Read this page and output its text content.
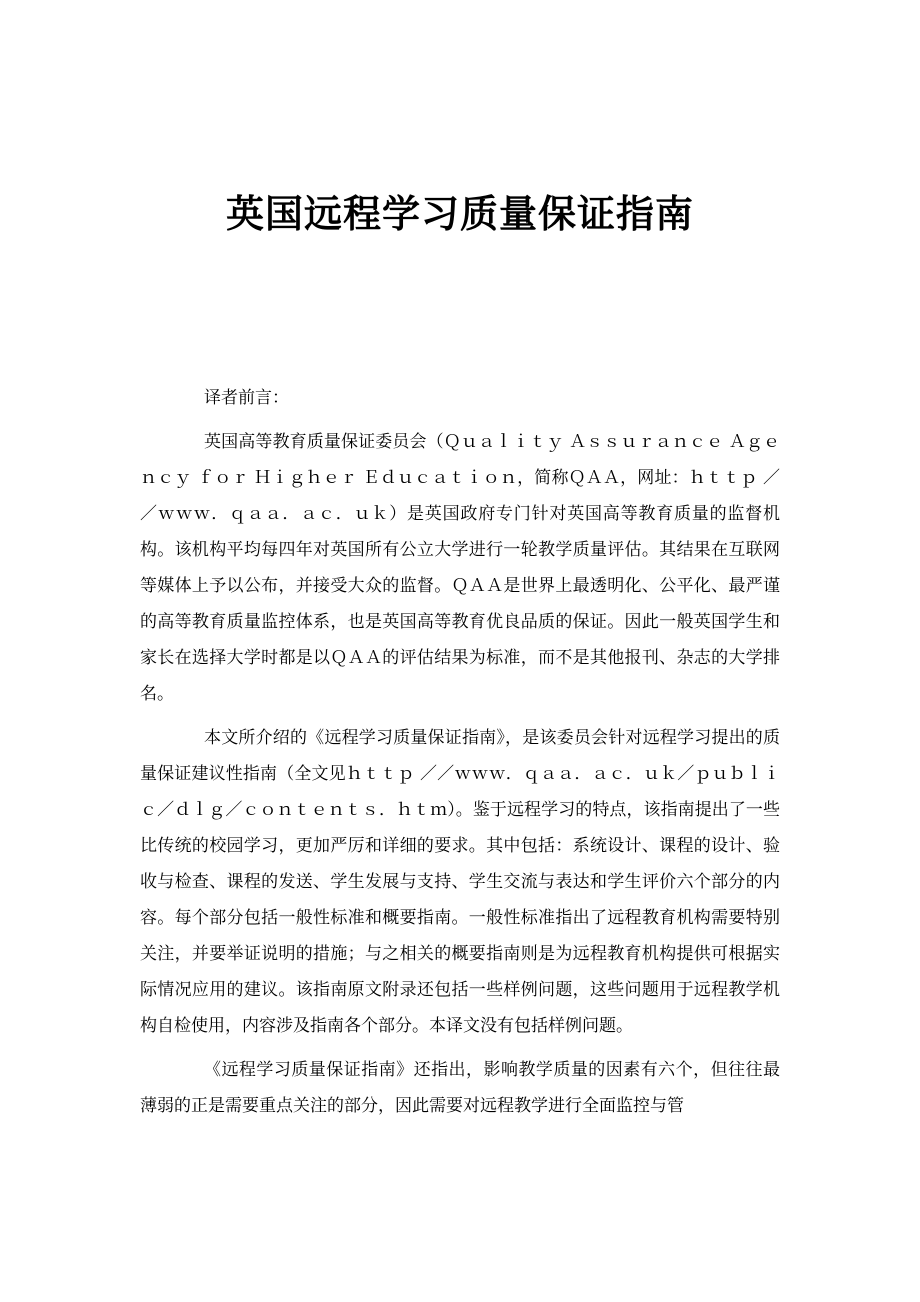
英国远程学习质量保证指南

译者前言：

英国高等教育质量保证委员会（Ｑｕａｌｉｔｙ Ａｓｓｕｒａｎｃｅ Ａｇｅｎｃｙ ｆｏｒ Ｈｉｇｈｅｒ Ｅｄｕｃａｔｉｏｎ，简称ＱＡＡ，网址：ｈｔｔｐ ／／ｗｗｗ．ｑａａ．ａｃ．ｕｋ）是英国政府专门针对英国高等教育质量的监督机构。该机构平均每四年对英国所有公立大学进行一轮教学质量评估。其结果在互联网等媒体上予以公布，并接受大众的监督。ＱＡＡ是世界上最透明化、公平化、最严谨的高等教育质量监控体系，也是英国高等教育优良品质的保证。因此一般英国学生和家长在选择大学时都是以ＱＡＡ的评估结果为标准，而不是其他报刊、杂志的大学排名。

本文所介绍的《远程学习质量保证指南》，是该委员会针对远程学习提出的质量保证建议性指南（全文见ｈｔｔｐ ／／ｗｗｗ．ｑａａ．ａｃ．ｕｋ／ｐｕｂｌｉｃ／ｄｌｇ／ｃｏｎｔｅｎｔｓ．ｈｔｍ）。鉴于远程学习的特点，该指南提出了一些比传统的校园学习，更加严厉和详细的要求。其中包括：系统设计、课程的设计、验收与检查、课程的发送、学生发展与支持、学生交流与表达和学生评价六个部分的内容。每个部分包括一般性标准和概要指南。一般性标准指出了远程教育机构需要特别关注，并要举证说明的措施；与之相关的概要指南则是为远程教育机构提供可根据实际情况应用的建议。该指南原文附录还包括一些样例问题，这些问题用于远程教学机构自检使用，内容涉及指南各个部分。本译文没有包括样例问题。

《远程学习质量保证指南》还指出，影响教学质量的因素有六个，但往往最薄弱的正是需要重点关注的部分，因此需要对远程教学进行全面监控与管
